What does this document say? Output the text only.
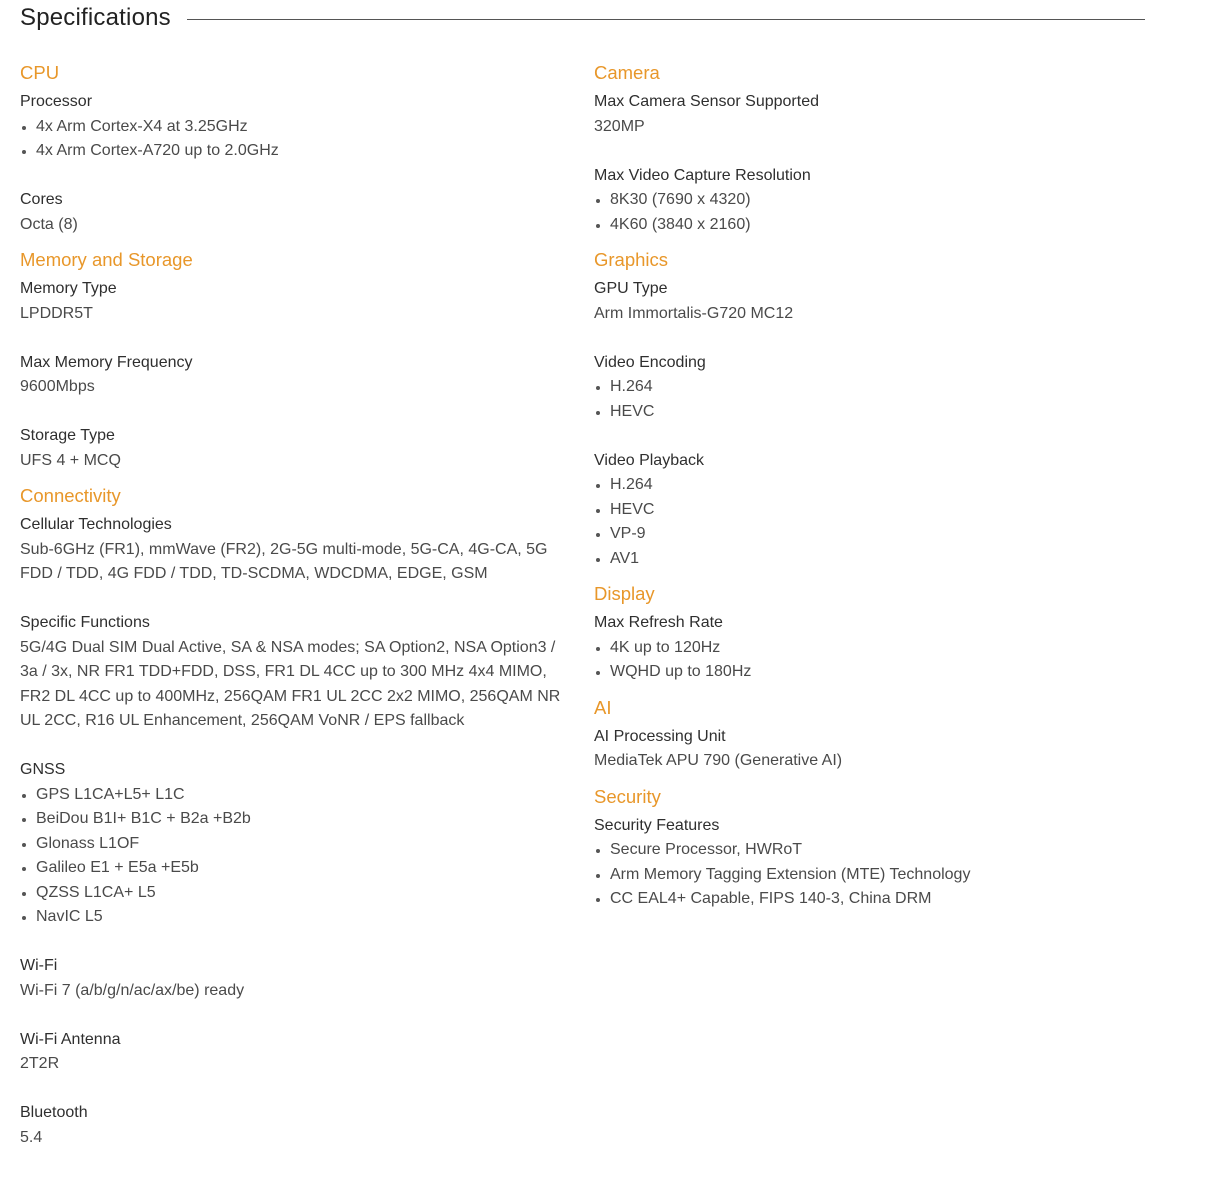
Specifications
CPU
Processor
4x Arm Cortex-X4 at 3.25GHz
4x Arm Cortex-A720 up to 2.0GHz
Cores
Octa (8)
Memory and Storage
Memory Type
LPDDR5T
Max Memory Frequency
9600Mbps
Storage Type
UFS 4 + MCQ
Connectivity
Cellular Technologies
Sub-6GHz (FR1), mmWave (FR2), 2G-5G multi-mode, 5G-CA, 4G-CA, 5G FDD / TDD, 4G FDD / TDD, TD-SCDMA, WDCDMA, EDGE, GSM
Specific Functions
5G/4G Dual SIM Dual Active, SA & NSA modes; SA Option2, NSA Option3 / 3a / 3x, NR FR1 TDD+FDD, DSS, FR1 DL 4CC up to 300 MHz 4x4 MIMO, FR2 DL 4CC up to 400MHz, 256QAM FR1 UL 2CC 2x2 MIMO, 256QAM NR UL 2CC, R16 UL Enhancement, 256QAM VoNR / EPS fallback
GNSS
GPS L1CA+L5+ L1C
BeiDou B1I+ B1C + B2a +B2b
Glonass L1OF
Galileo E1 + E5a +E5b
QZSS L1CA+ L5
NavIC L5
Wi-Fi
Wi-Fi 7 (a/b/g/n/ac/ax/be) ready
Wi-Fi Antenna
2T2R
Bluetooth
5.4
Camera
Max Camera Sensor Supported
320MP
Max Video Capture Resolution
8K30 (7690 x 4320)
4K60 (3840 x 2160)
Graphics
GPU Type
Arm Immortalis-G720 MC12
Video Encoding
H.264
HEVC
Video Playback
H.264
HEVC
VP-9
AV1
Display
Max Refresh Rate
4K up to 120Hz
WQHD up to 180Hz
AI
AI Processing Unit
MediaTek APU 790 (Generative AI)
Security
Security Features
Secure Processor, HWRoT
Arm Memory Tagging Extension (MTE) Technology
CC EAL4+ Capable, FIPS 140-3, China DRM
